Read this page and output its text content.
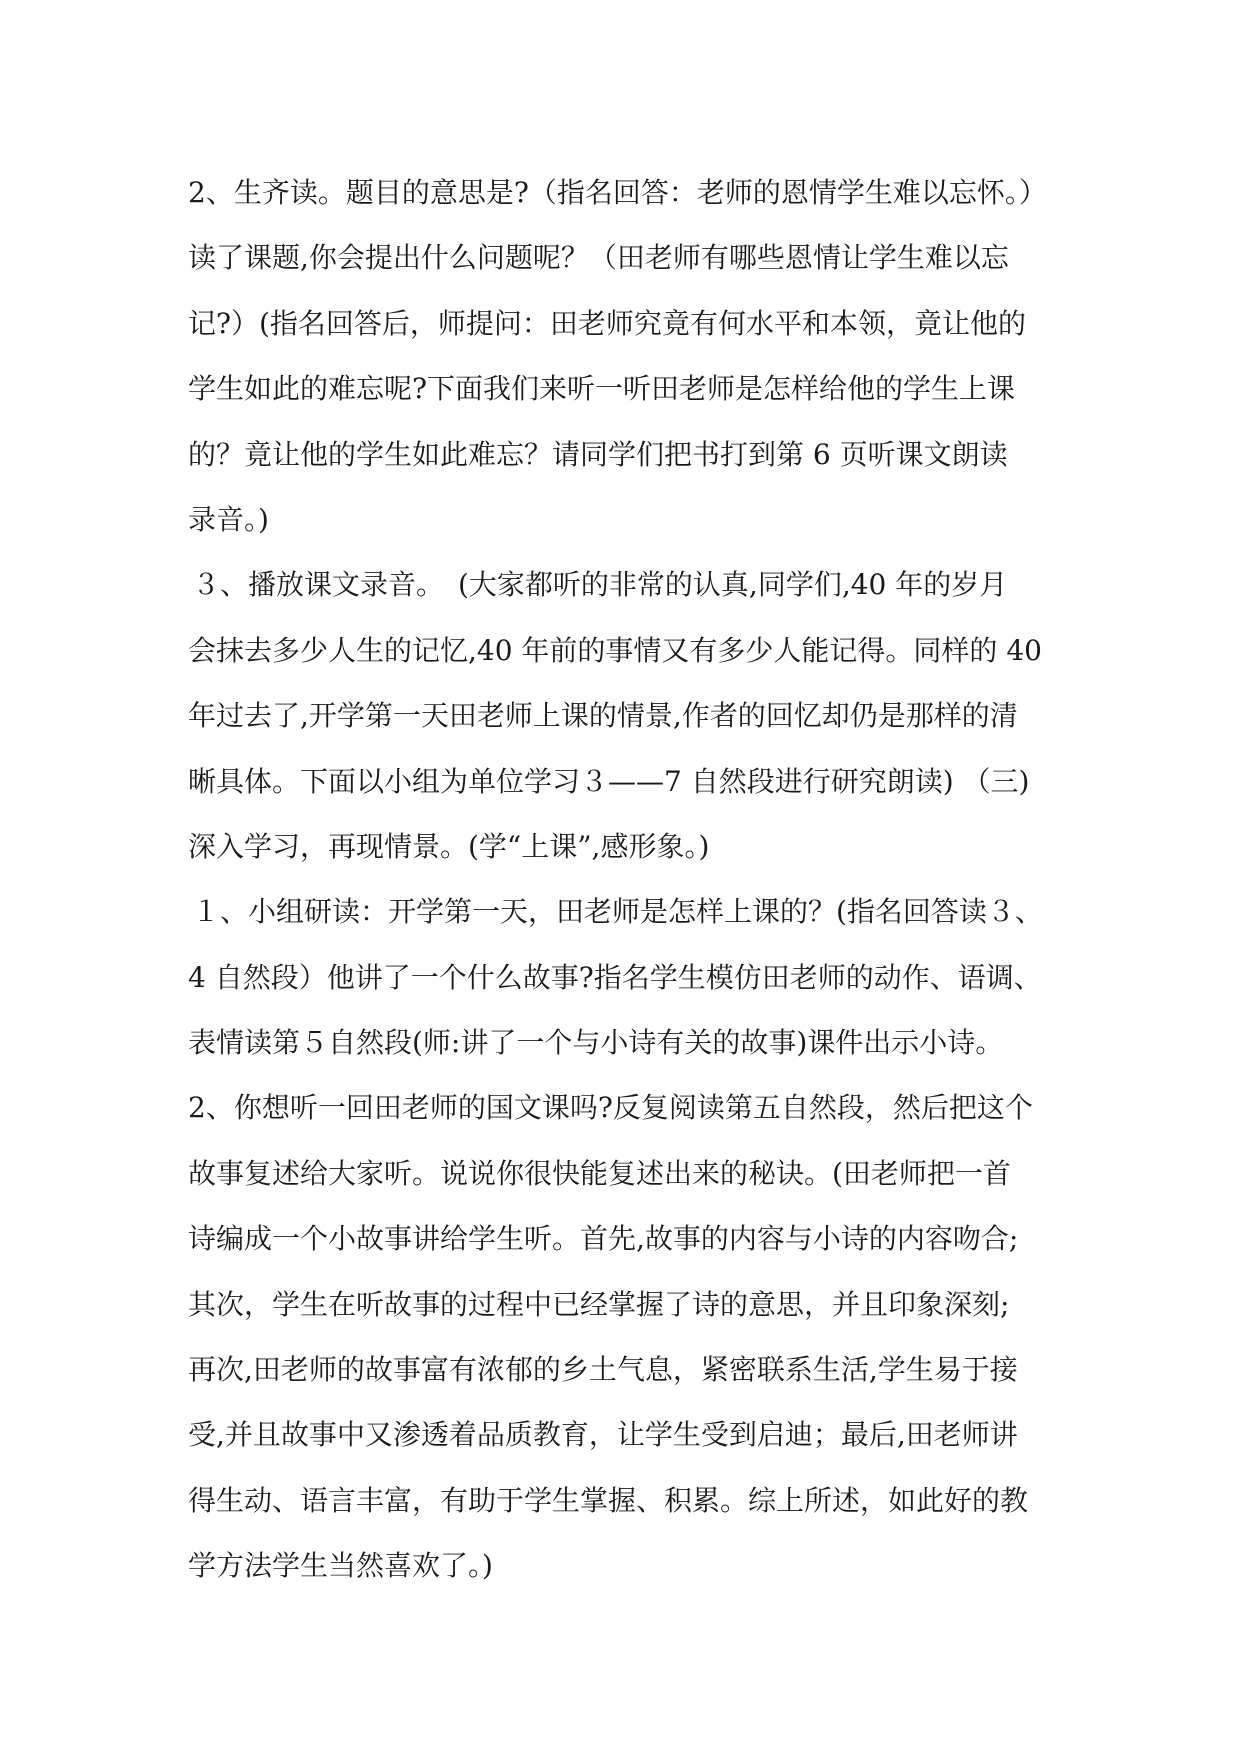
2、生齐读。题目的意思是?（指名回答：老师的恩情学生难以忘怀。）
读了课题,你会提出什么问题呢？（田老师有哪些恩情让学生难以忘
记?）(指名回答后，师提问：田老师究竟有何水平和本领，竟让他的
学生如此的难忘呢?下面我们来听一听田老师是怎样给他的学生上课
的？竟让他的学生如此难忘？请同学们把书打到第 6 页听课文朗读
录音。)
３、播放课文录音。　(大家都听的非常的认真,同学们,40 年的岁月
会抹去多少人生的记忆,40 年前的事情又有多少人能记得。同样的 40
年过去了,开学第一天田老师上课的情景,作者的回忆却仍是那样的清
晰具体。下面以小组为单位学习３——7 自然段进行研究朗读) （三)
深入学习，再现情景。(学“上课”,感形象。)
１、小组研读：开学第一天，田老师是怎样上课的？(指名回答读３、
4 自然段）他讲了一个什么故事?指名学生模仿田老师的动作、语调、
表情读第５自然段(师:讲了一个与小诗有关的故事)课件出示小诗。
2、你想听一回田老师的国文课吗?反复阅读第五自然段，然后把这个
故事复述给大家听。说说你很快能复述出来的秘诀。(田老师把一首
诗编成一个小故事讲给学生听。首先,故事的内容与小诗的内容吻合;
其次，学生在听故事的过程中已经掌握了诗的意思，并且印象深刻;
再次,田老师的故事富有浓郁的乡土气息，紧密联系生活,学生易于接
受,并且故事中又渗透着品质教育，让学生受到启迪；最后,田老师讲
得生动、语言丰富，有助于学生掌握、积累。综上所述，如此好的教
学方法学生当然喜欢了。)
